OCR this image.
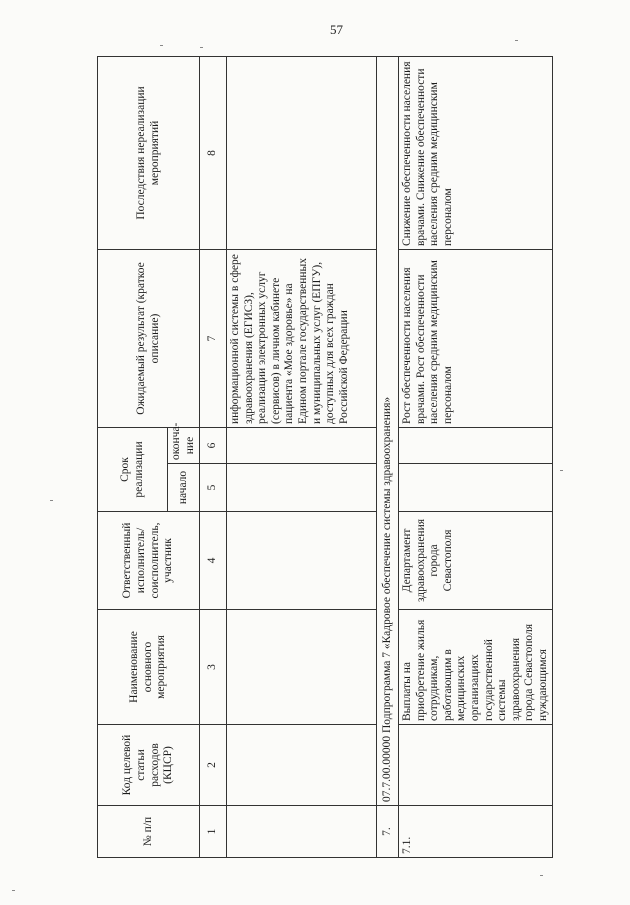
57
№ п/п	Код целевой статьи расходов (КЦСР)	Наименование основного мероприятия	Ответственный исполнитель/ соисполнитель, участник	Срок реализации		Ожидаемый результат (краткое описание)	Последствия нереализации мероприятий
				начало	оконча-ние		
1	2	3	4	5	6	7	8
						информационной системы в сфере здравоохранения (ЕГИСЗ), реализации электронных услуг (сервисов) в личном кабинете пациента «Мое здоровье» на Едином портале государственных и муниципальных услуг (ЕПГУ), доступных для всех граждан Российской Федерации	
7.	07.7.00.00000 Подпрограмма 7 «Кадровое обеспечение системы здравоохранения»						
7.1.		Выплаты на приобретение жилья сотрудникам, работающим в медицинских организациях государственной системы здравоохранения города Севастополя нуждающимся	Департамент здравоохранения города Севастополя			Рост обеспеченности населения врачами. Рост обеспеченности населения средним медицинским персоналом	Снижение обеспеченности населения врачами. Снижение обеспеченности населения средним медицинским персоналом
